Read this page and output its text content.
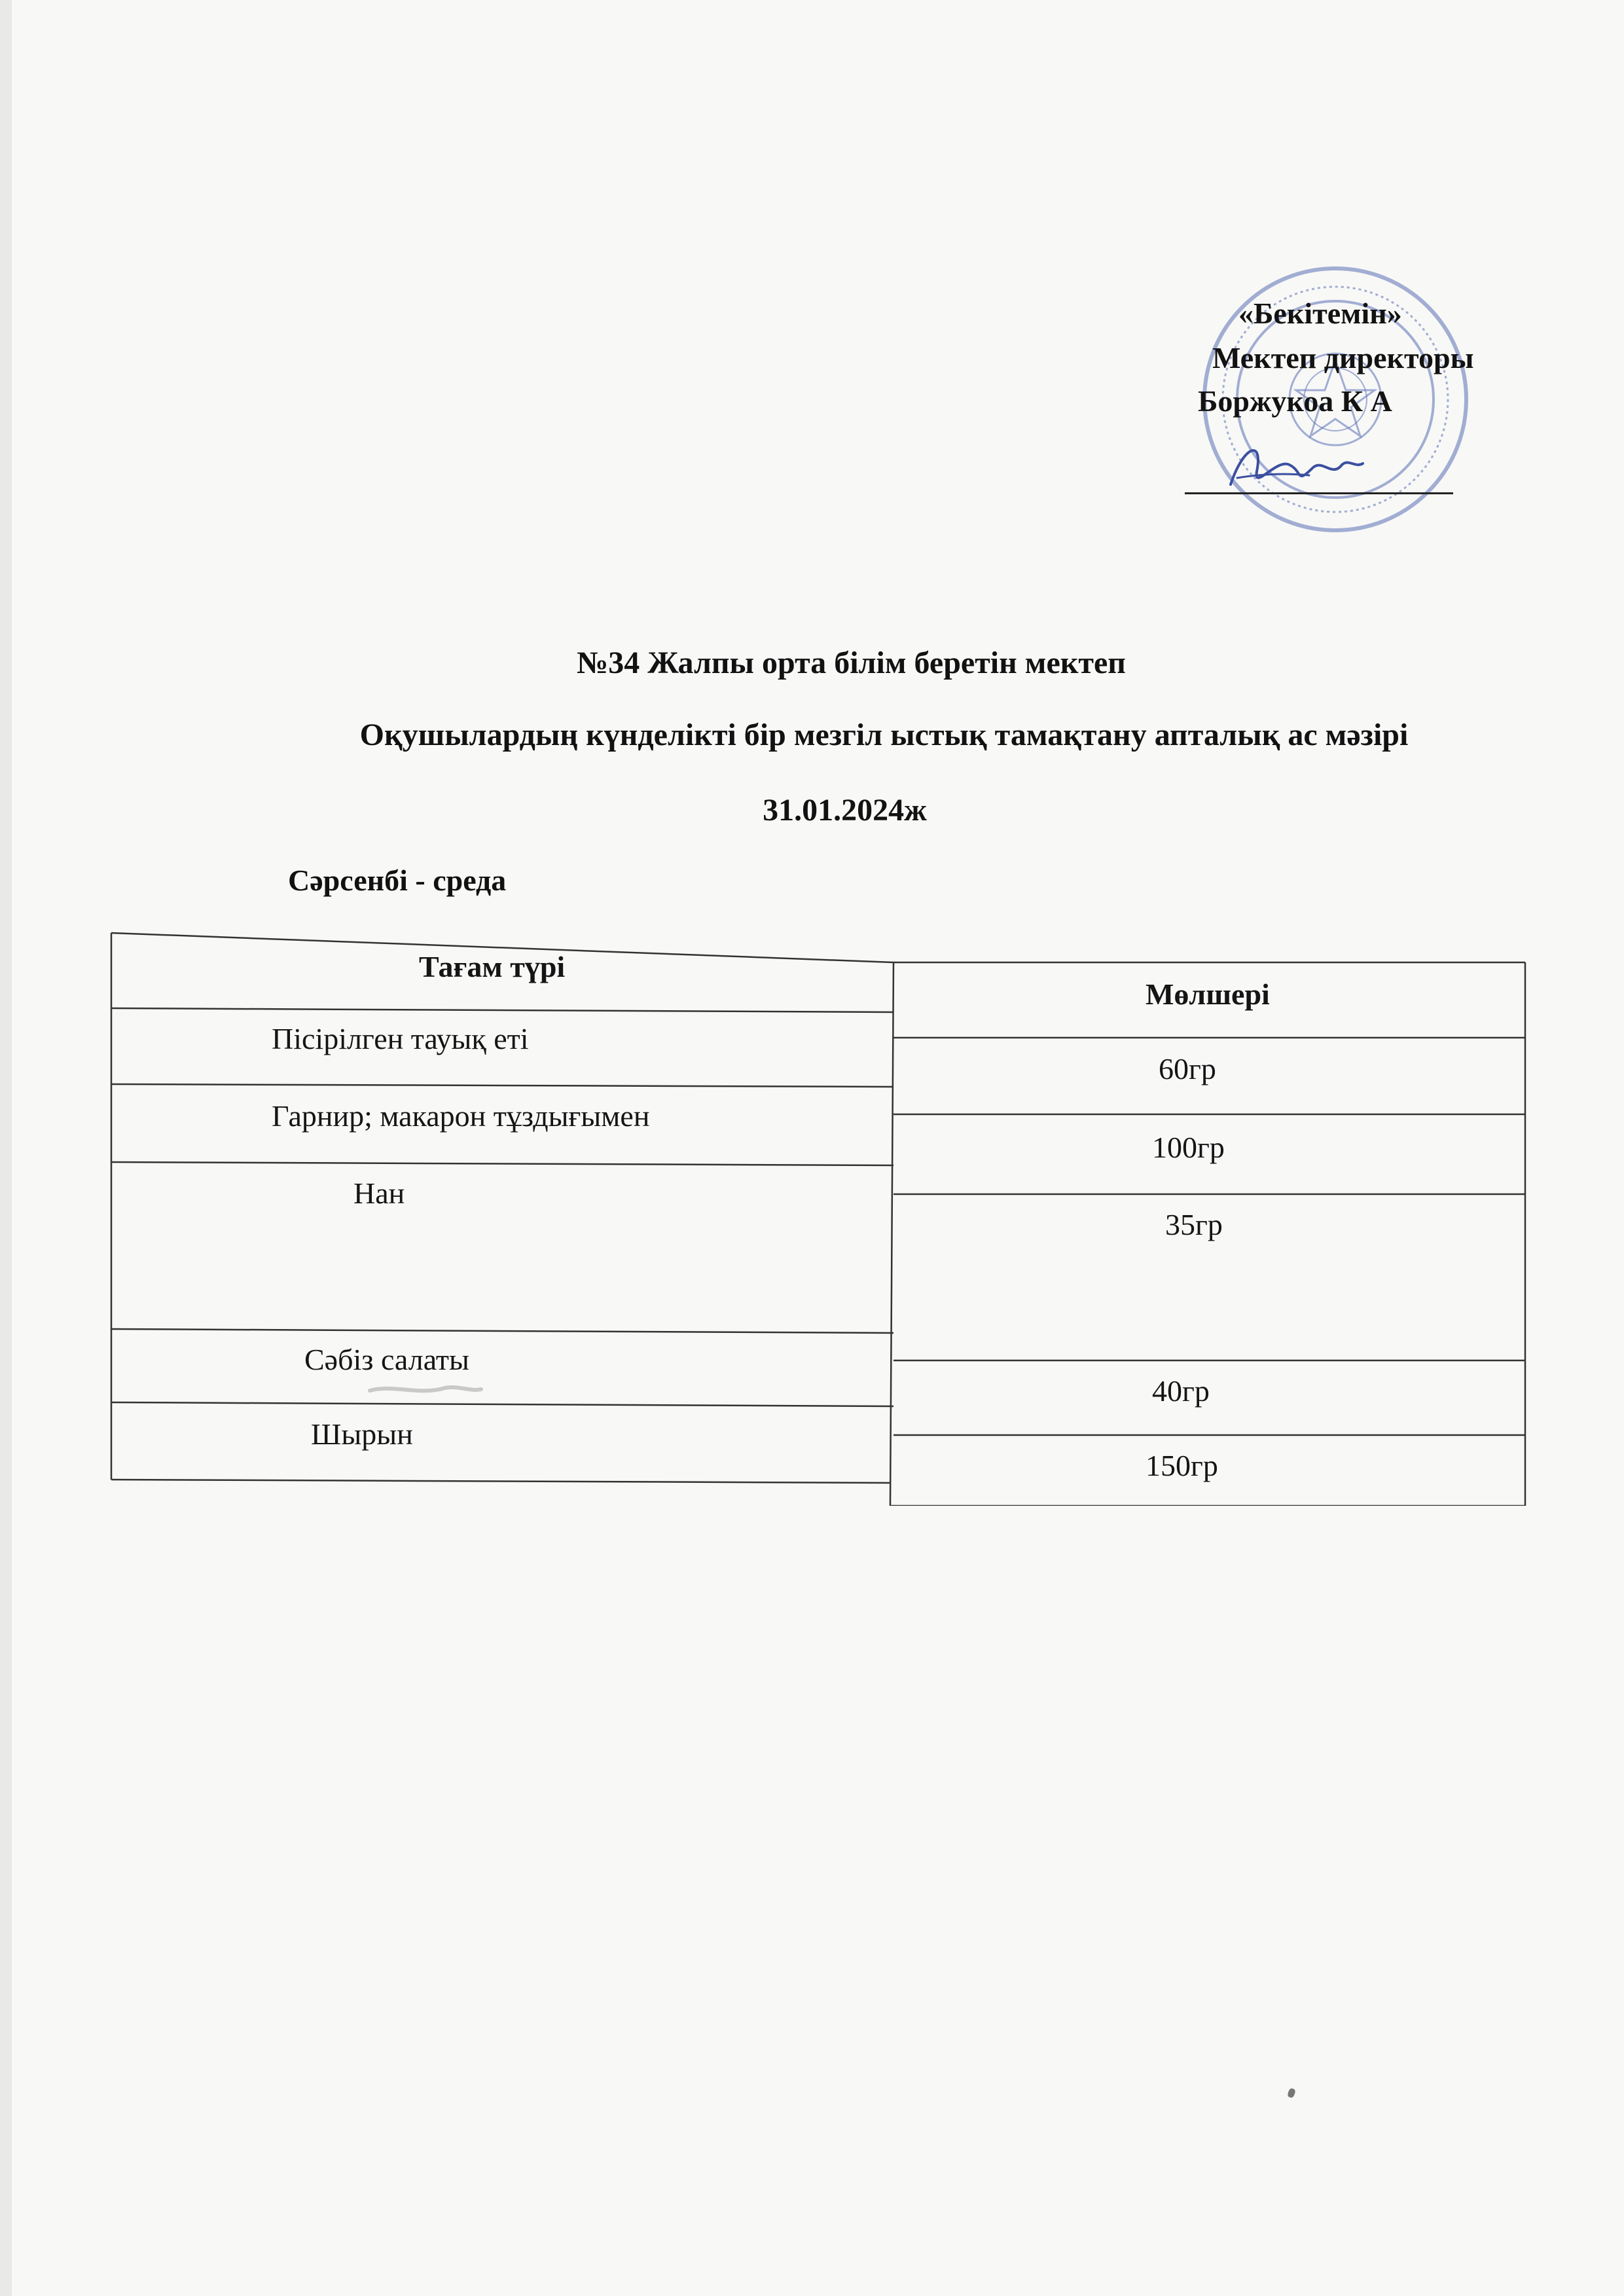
«Бекітемін»
Мектеп директоры
Боржукоа К А
№34 Жалпы орта білім беретін мектеп
Оқушылардың күнделікті бір мезгіл ыстық тамақтану апталық ас мәзірі
31.01.2024ж
Сәрсенбі - среда
Тағам түрі
Мөлшері
Пісірілген тауық еті
60гр
Гарнир; макарон тұздығымен
100гр
Нан
35гр
Сәбіз салаты
40гр
Шырын
150гр
